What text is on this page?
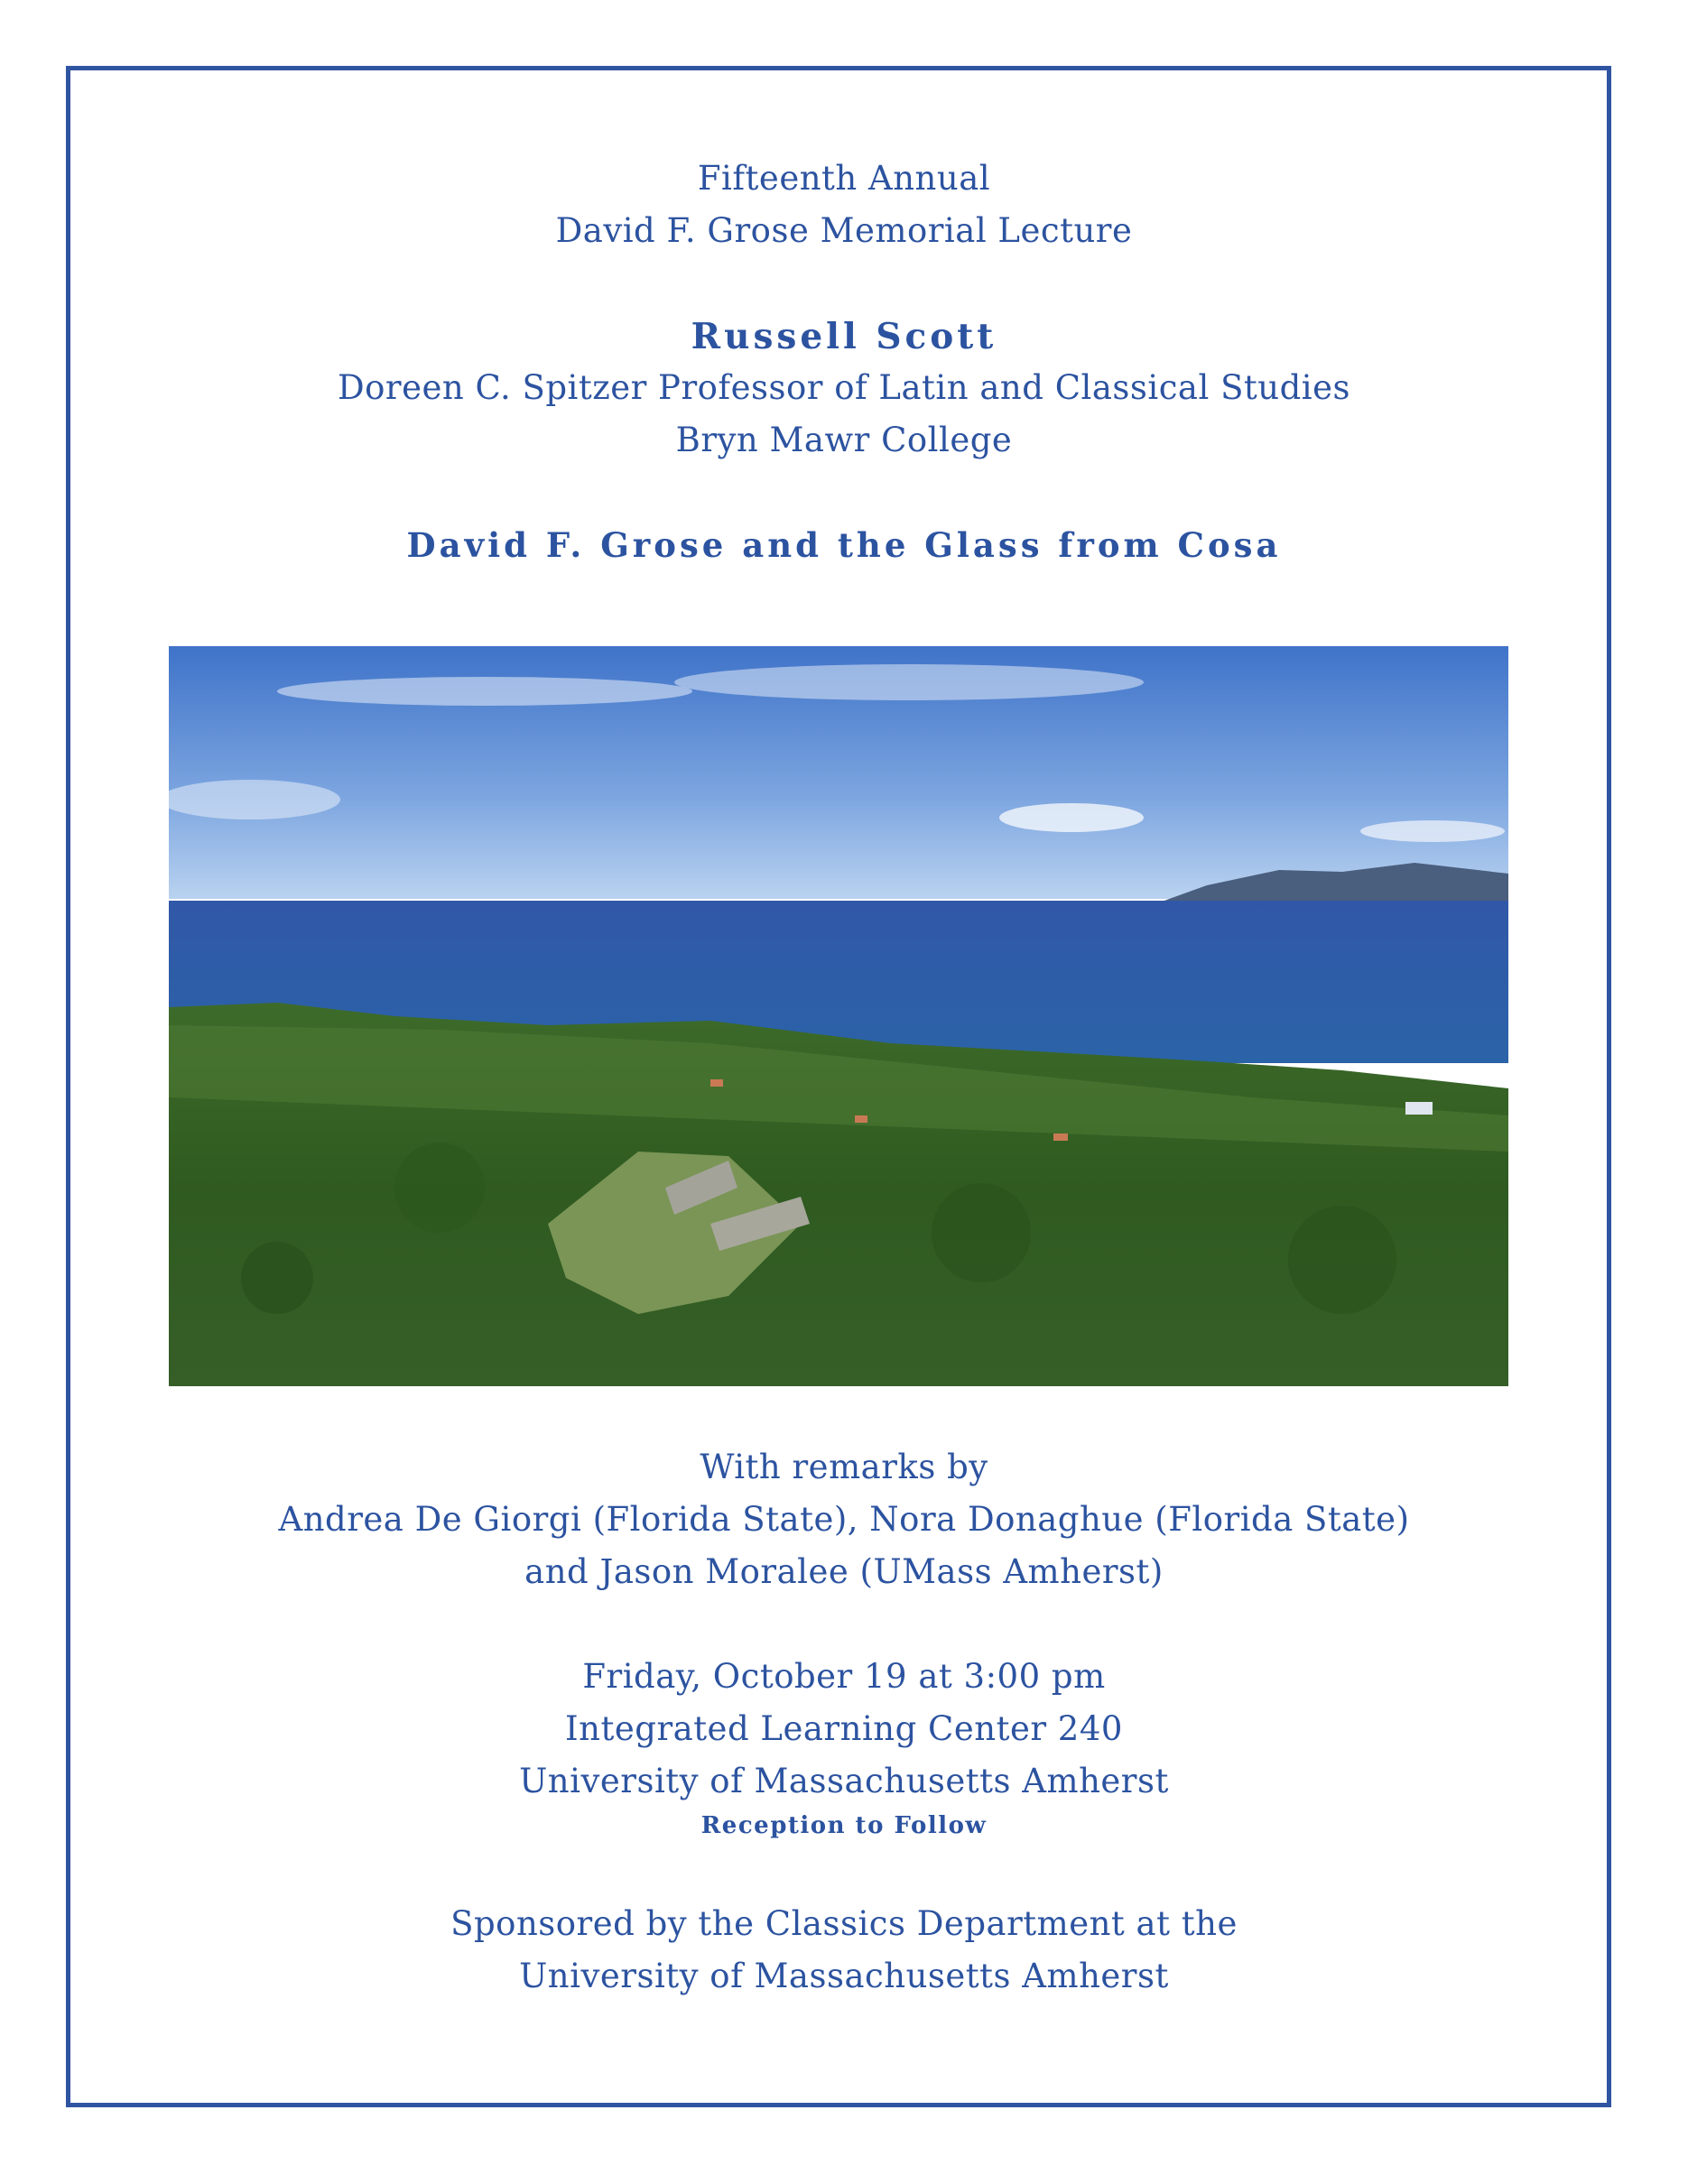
Fifteenth Annual
David F. Grose Memorial Lecture
Russell Scott
Doreen C. Spitzer Professor of Latin and Classical Studies
Bryn Mawr College
David F. Grose and the Glass from Cosa
With remarks by
Andrea De Giorgi (Florida State), Nora Donaghue (Florida State)
and Jason Moralee (UMass Amherst)
Friday, October 19 at 3:00 pm
Integrated Learning Center 240
University of Massachusetts Amherst
Reception to Follow
Sponsored by the Classics Department at the
University of Massachusetts Amherst
